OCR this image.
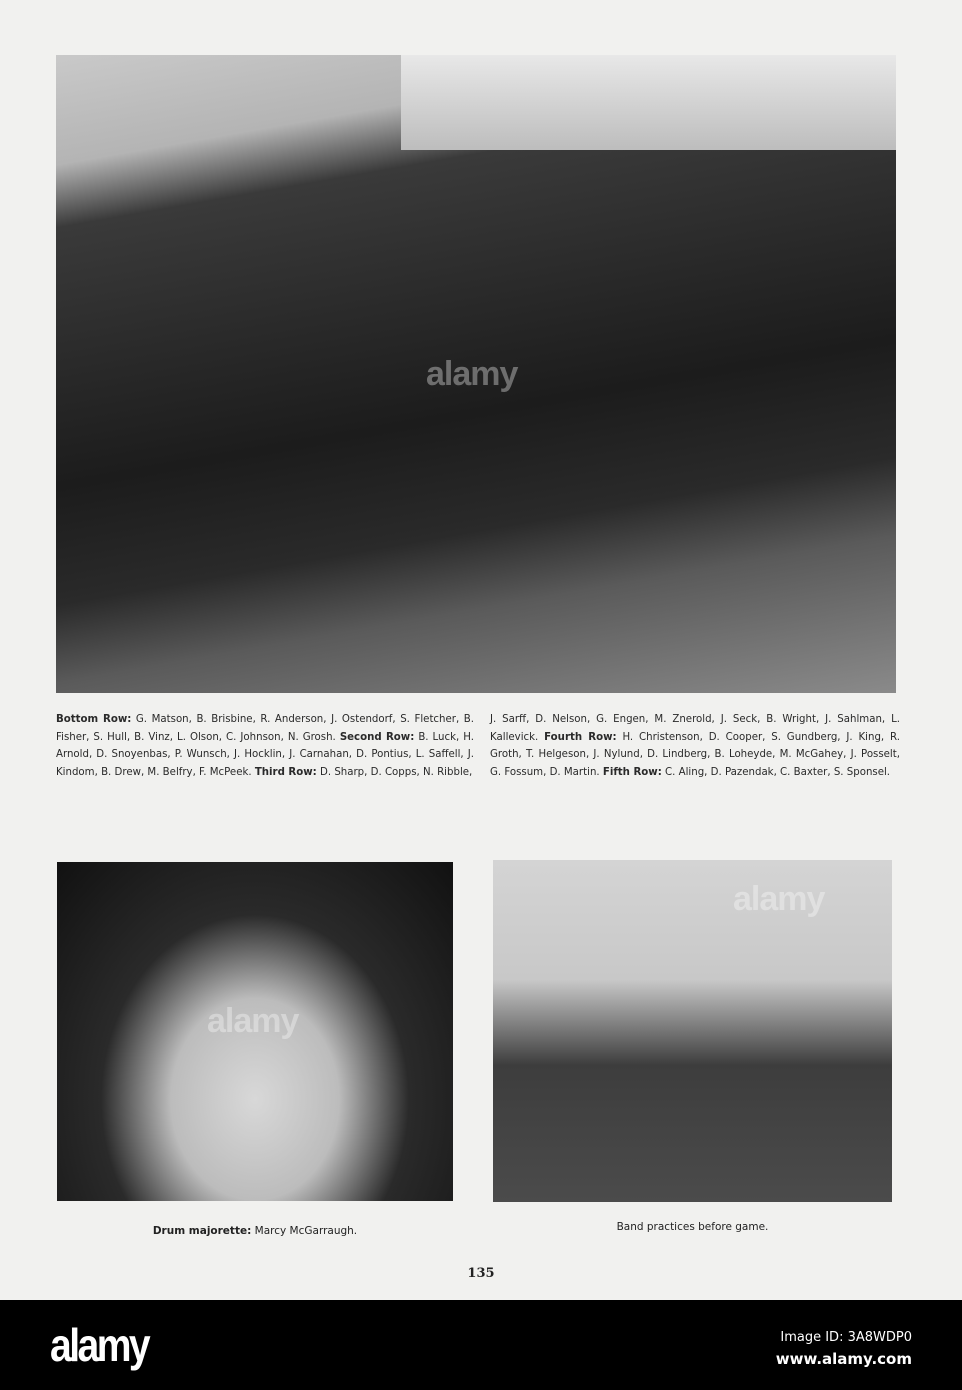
alamy
Bottom Row: G. Matson, B. Brisbine, R. Anderson, J. Ostendorf, S. Fletcher, B. Fisher, S. Hull, B. Vinz, L. Olson, C. Johnson, N. Grosh. Second Row: B. Luck, H. Arnold, D. Snoyenbas, P. Wunsch, J. Hocklin, J. Carnahan, D. Pontius, L. Saffell, J. Kindom, B. Drew, M. Belfry, F. McPeek. Third Row: D. Sharp, D. Copps, N. Ribble,
J. Sarff, D. Nelson, G. Engen, M. Znerold, J. Seck, B. Wright, J. Sahlman, L. Kallevick. Fourth Row: H. Christenson, D. Cooper, S. Gundberg, J. King, R. Groth, T. Helgeson, J. Nylund, D. Lindberg, B. Loheyde, M. McGahey, J. Posselt, G. Fossum, D. Martin. Fifth Row: C. Aling, D. Pazendak, C. Baxter, S. Sponsel.
alamy
alamy
Drum majorette: Marcy McGarraugh.	Band practices before game.
135
alamy	Image ID: 3A8WDP0
www.alamy.com
